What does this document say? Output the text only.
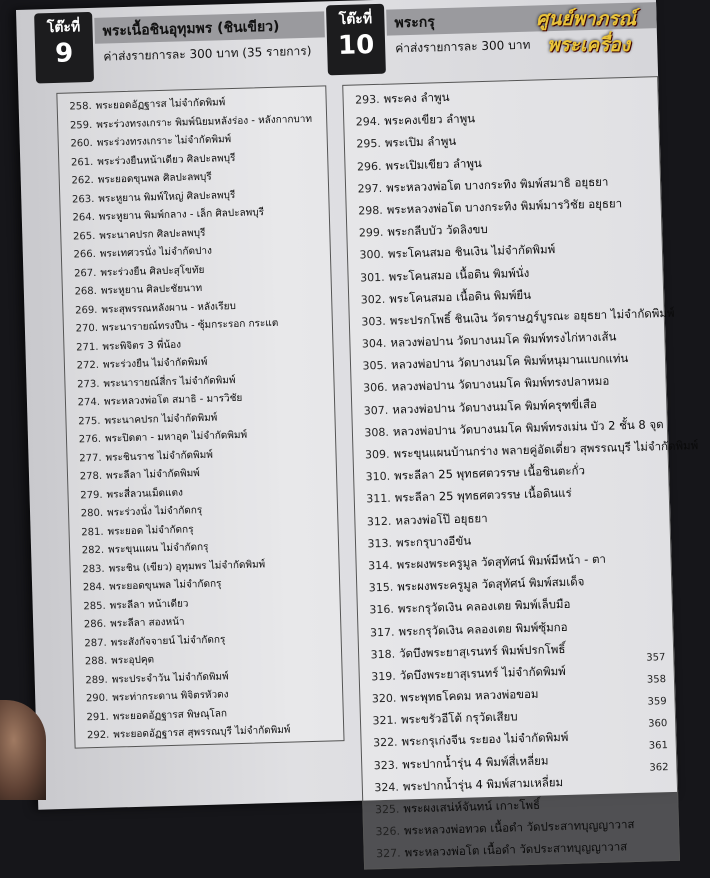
โต๊ะที่
9
พระเนื้อชินอุทุมพร (ชินเขียว)
ค่าส่งรายการละ 300 บาท (35 รายการ)
258. พระยอดอัฏฐารส ไม่จำกัดพิมพ์
259. พระร่วงทรงเกราะ พิมพ์นิยมหลังร่อง - หลังกากบาท
260. พระร่วงทรงเกราะ ไม่จำกัดพิมพ์
261. พระร่วงยืนหน้าเดียว ศิลปะลพบุรี
262. พระยอดขุนพล ศิลปะลพบุรี
263. พระหูยาน พิมพ์ใหญ่ ศิลปะลพบุรี
264. พระหูยาน พิมพ์กลาง - เล็ก ศิลปะลพบุรี
265. พระนาคปรก ศิลปะลพบุรี
266. พระเทศวรนั่ง ไม่จำกัดปาง
267. พระร่วงยืน ศิลปะสุโขทัย
268. พระหูยาน ศิลปะชัยนาท
269. พระสุพรรณหลังผาน - หลังเรียบ
270. พระนารายณ์ทรงปืน - ซุ้มกระรอก กระแต
271. พระพิจิตร 3 พี่น้อง
272. พระร่วงยืน ไม่จำกัดพิมพ์
273. พระนารายณ์สี่กร ไม่จำกัดพิมพ์
274. พระหลวงพ่อโต สมาธิ - มารวิชัย
275. พระนาคปรก ไม่จำกัดพิมพ์
276. พระปิดตา - มหาอุด ไม่จำกัดพิมพ์
277. พระชินราช ไม่จำกัดพิมพ์
278. พระลีลา ไม่จำกัดพิมพ์
279. พระสี่ลวนเม็ดแตง
280. พระร่วงนั่ง ไม่จำกัดกรุ
281. พระยอด ไม่จำกัดกรุ
282. พระขุนแผน ไม่จำกัดกรุ
283. พระชิน (เขียว) อุทุมพร ไม่จำกัดพิมพ์
284. พระยอดขุนพล ไม่จำกัดกรุ
285. พระลีลา หน้าเดียว
286. พระลีลา สองหน้า
287. พระสังกัจจายน์ ไม่จำกัดกรุ
288. พระอุปคุต
289. พระประจำวัน ไม่จำกัดพิมพ์
290. พระท่ากระดาน พิจิตรหัวดง
291. พระยอดอัฏฐารส พิษณุโลก
292. พระยอดอัฏฐารส สุพรรณบุรี ไม่จำกัดพิมพ์
โต๊ะที่
10
พระกรุ
ค่าส่งรายการละ 300 บาท
293. พระคง ลำพูน
294. พระคงเขียว ลำพูน
295. พระเปิม ลำพูน
296. พระเปิมเขียว ลำพูน
297. พระหลวงพ่อโต บางกระทิง พิมพ์สมาธิ อยุธยา
298. พระหลวงพ่อโต บางกระทิง พิมพ์มารวิชัย อยุธยา
299. พระกลีบบัว วัดลิงขบ
300. พระโคนสมอ ชินเงิน ไม่จำกัดพิมพ์
301. พระโคนสมอ เนื้อดิน พิมพ์นั่ง
302. พระโคนสมอ เนื้อดิน พิมพ์ยืน
303. พระปรกโพธิ์ ชินเงิน วัดราษฎร์บูรณะ อยุธยา ไม่จำกัดพิมพ์
304. หลวงพ่อปาน วัดบางนมโค พิมพ์ทรงไก่หางเส้น
305. หลวงพ่อปาน วัดบางนมโค พิมพ์หนุมานแบกแท่น
306. หลวงพ่อปาน วัดบางนมโค พิมพ์ทรงปลาหมอ
307. หลวงพ่อปาน วัดบางนมโค พิมพ์ครุฑขี่เสือ
308. หลวงพ่อปาน วัดบางนมโค พิมพ์ทรงเม่น บัว 2 ชั้น 8 จุด
309. พระขุนแผนบ้านกร่าง พลายคู่อัดเดี่ยว สุพรรณบุรี ไม่จำกัดพิมพ์
310. พระลีลา 25 พุทธศตวรรษ เนื้อชินตะกั่ว
311. พระลีลา 25 พุทธศตวรรษ เนื้อดินแร่
312. หลวงพ่อโป๊ อยุธยา
313. พระกรุบางอีขัน
314. พระผงพระครูมูล วัดสุทัศน์ พิมพ์มีหน้า - ตา
315. พระผงพระครูมูล วัดสุทัศน์ พิมพ์สมเด็จ
316. พระกรุวัดเงิน คลองเตย พิมพ์เล็บมือ
317. พระกรุวัดเงิน คลองเตย พิมพ์ซุ้มกอ
318. วัดบึงพระยาสุเรนทร์ พิมพ์ปรกโพธิ์
319. วัดบึงพระยาสุเรนทร์ ไม่จำกัดพิมพ์
320. พระพุทธโคดม หลวงพ่อขอม
321. พระขรัวอีโต้ กรุวัดเสียบ
322. พระกรุเก่งจีน ระยอง ไม่จำกัดพิมพ์
323. พระปากน้ำรุ่น 4 พิมพ์สี่เหลี่ยม
324. พระปากน้ำรุ่น 4 พิมพ์สามเหลี่ยม
325. พระผงเสน่ห์จันทน์ เกาะโพธิ์
326. พระหลวงพ่อทวด เนื้อดำ วัดประสาทบุญญาวาส
327. พระหลวงพ่อโต เนื้อดำ วัดประสาทบุญญาวาส
357
358
359
360
361
362
ศูนย์พาภรณ์
พระเครื่อง
